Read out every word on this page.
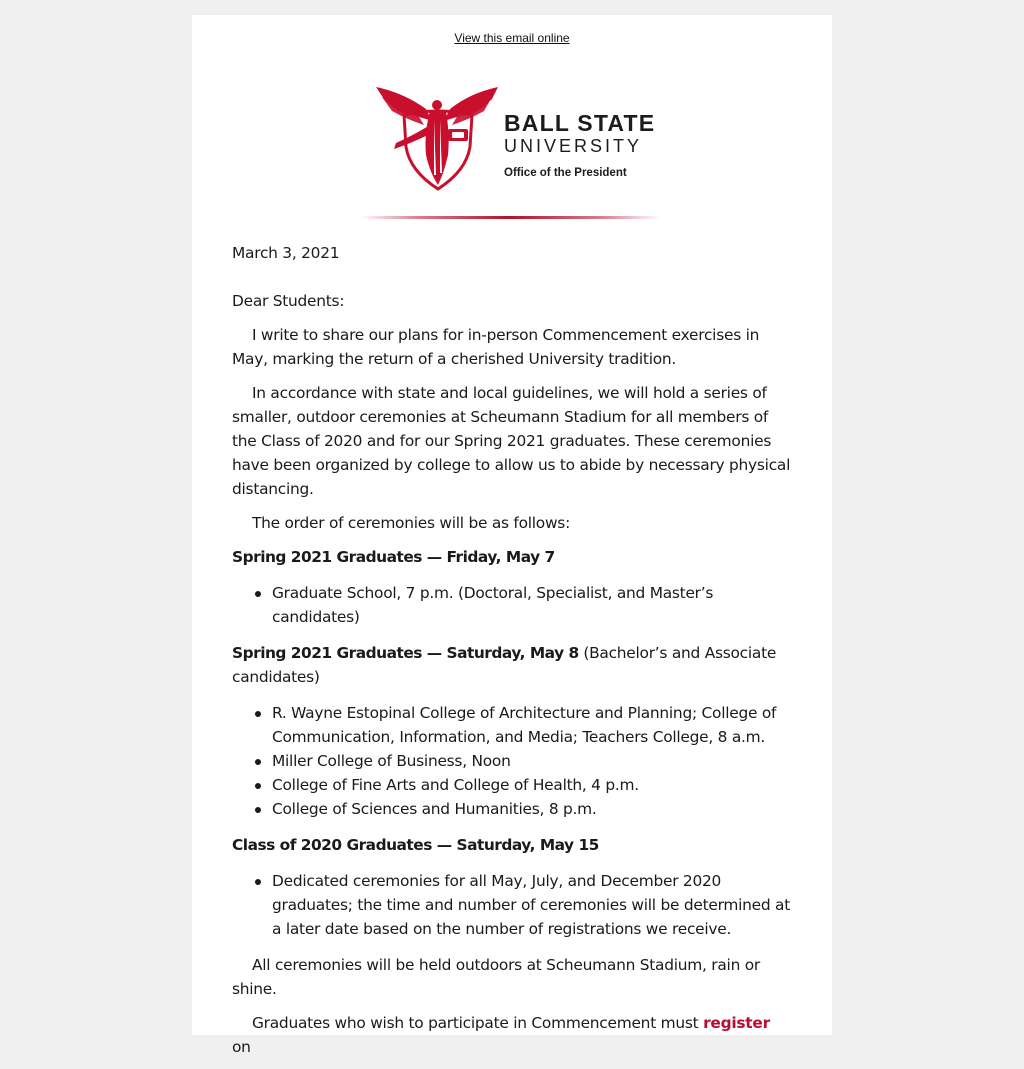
View this email online
BALL STATE
UNIVERSITY
Office of the President
March 3, 2021
Dear Students:

I write to share our plans for in-person Commencement exercises in May, marking the return of a cherished University tradition.

In accordance with state and local guidelines, we will hold a series of smaller, outdoor ceremonies at Scheumann Stadium for all members of the Class of 2020 and for our Spring 2021 graduates. These ceremonies have been organized by college to allow us to abide by necessary physical distancing.

The order of ceremonies will be as follows:

Spring 2021 Graduates — Friday, May 7
Graduate School, 7 p.m. (Doctoral, Specialist, and Master’s candidates)
Spring 2021 Graduates — Saturday, May 8 (Bachelor’s and Associate candidates)
R. Wayne Estopinal College of Architecture and Planning; College of Communication, Information, and Media; Teachers College, 8 a.m.
Miller College of Business, Noon
College of Fine Arts and College of Health, 4 p.m.
College of Sciences and Humanities, 8 p.m.
Class of 2020 Graduates — Saturday, May 15
Dedicated ceremonies for all May, July, and December 2020 graduates; the time and number of ceremonies will be determined at a later date based on the number of registrations we receive.

All ceremonies will be held outdoors at Scheumann Stadium, rain or shine.

Graduates who wish to participate in Commencement must register on
